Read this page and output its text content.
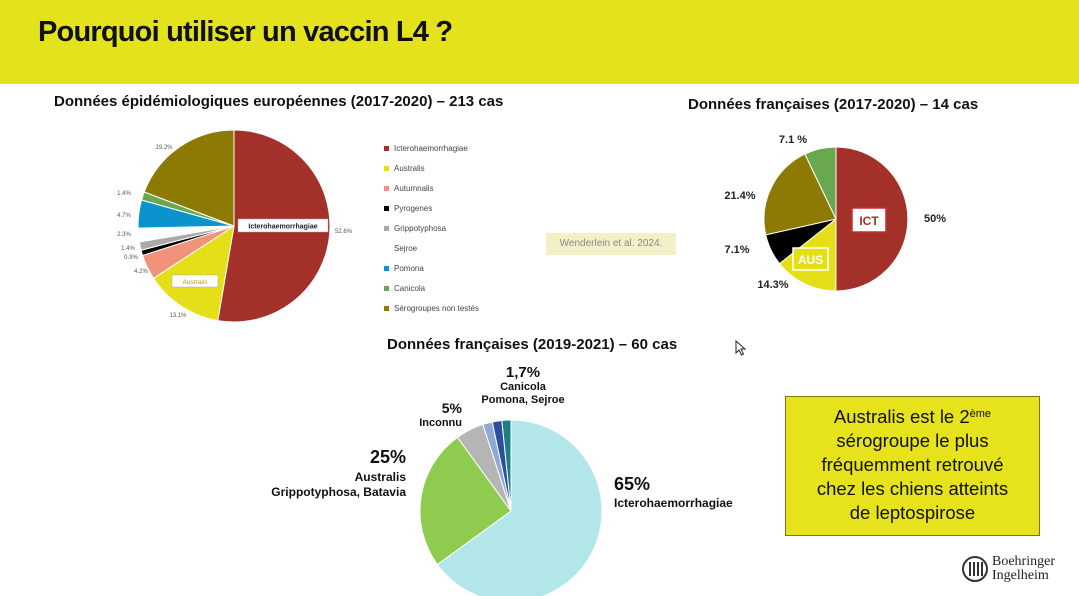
Pourquoi utiliser un vaccin L4 ?
Données épidémiologiques européennes (2017-2020) – 213 cas	Données françaises (2017-2020) – 14 cas
Données françaises (2019-2021) – 60 cas
52.6%
13.1%
4.2%
0.9%
1.4%
2.3%
4.7%
1.4%
19.2%
Icterohaemorrhagiae
Australis
50%
14.3%
7.1%
21.4%
7.1 %
ICT
AUS
Icterohaemorrhagiae
Australis
Autumnalis
Pyrogenes
Grippotyphosa
Sejroe
Pomona
Canicola
Sérogroupes non testés
Wenderlein et al. 2024.
65%
Icterohaemorrhagiae
25%
Australis
Grippotyphosa, Batavia
5%
Inconnu
1,7%
Canicola
Pomona, Sejroe
Australis est le 2ème
sérogroupe le plus
fréquemment retrouvé
chez les chiens atteints
de leptospirose
Boehringer
Ingelheim
